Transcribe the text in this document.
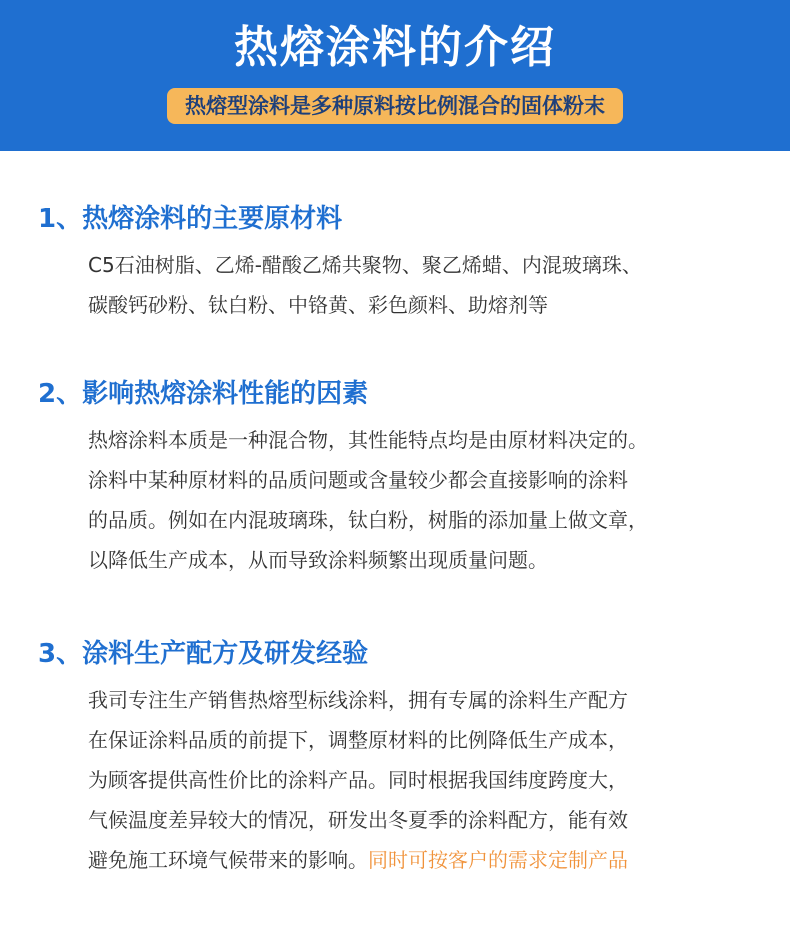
热熔涂料的介绍
热熔型涂料是多种原料按比例混合的固体粉末
1、热熔涂料的主要原材料
C5石油树脂、乙烯-醋酸乙烯共聚物、聚乙烯蜡、内混玻璃珠、
碳酸钙砂粉、钛白粉、中铬黄、彩色颜料、助熔剂等
2、影响热熔涂料性能的因素
热熔涂料本质是一种混合物，其性能特点均是由原材料决定的。
涂料中某种原材料的品质问题或含量较少都会直接影响的涂料
的品质。例如在内混玻璃珠，钛白粉，树脂的添加量上做文章，
以降低生产成本，从而导致涂料频繁出现质量问题。
3、涂料生产配方及研发经验
我司专注生产销售热熔型标线涂料，拥有专属的涂料生产配方
在保证涂料品质的前提下，调整原材料的比例降低生产成本，
为顾客提供高性价比的涂料产品。同时根据我国纬度跨度大，
气候温度差异较大的情况，研发出冬夏季的涂料配方，能有效
避免施工环境气候带来的影响。同时可按客户的需求定制产品
